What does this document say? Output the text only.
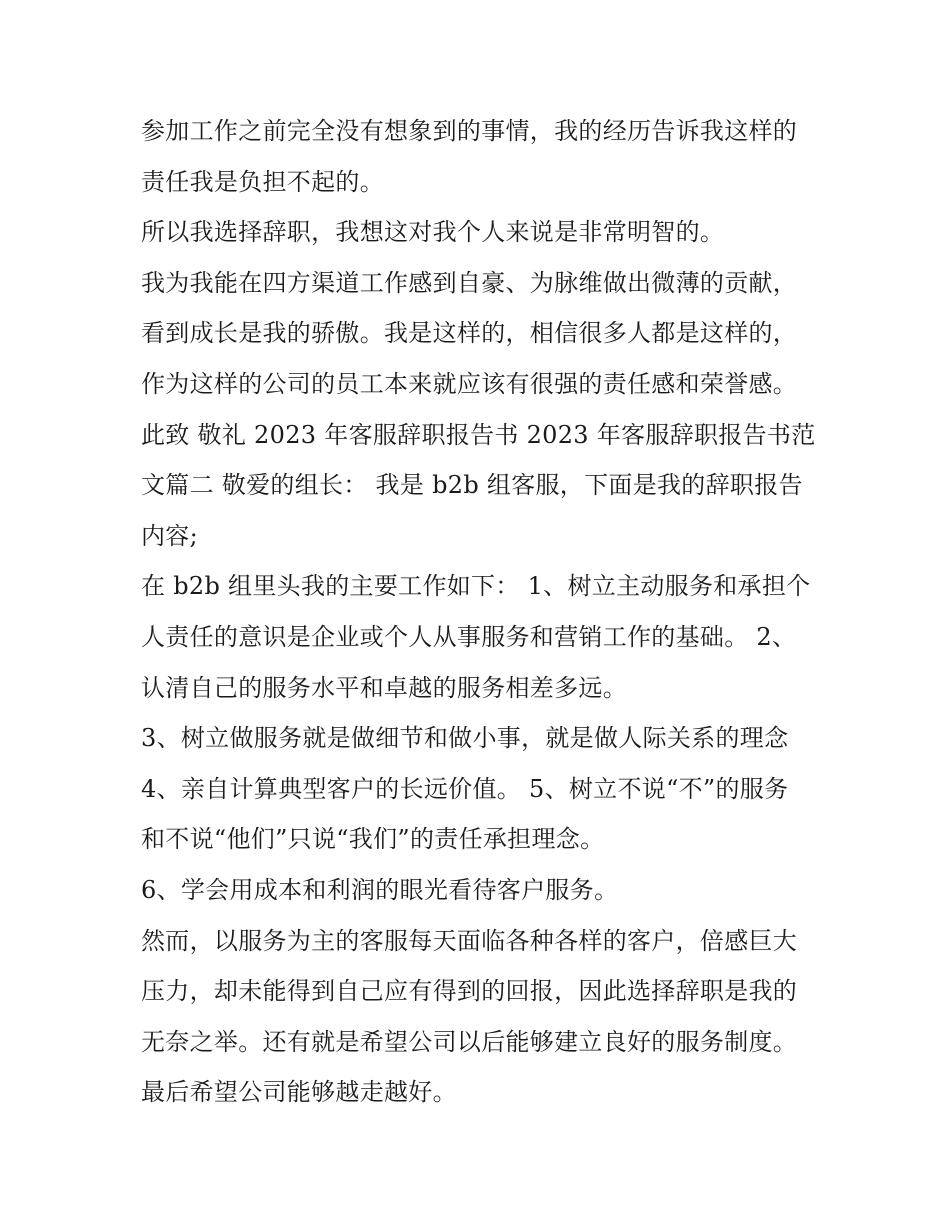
参加工作之前完全没有想象到的事情，我的经历告诉我这样的
责任我是负担不起的。
所以我选择辞职，我想这对我个人来说是非常明智的。
我为我能在四方渠道工作感到自豪、为脉维做出微薄的贡献，
看到成长是我的骄傲。我是这样的，相信很多人都是这样的，
作为这样的公司的员工本来就应该有很强的责任感和荣誉感。
此致 敬礼 2023 年客服辞职报告书 2023 年客服辞职报告书范
文篇二 敬爱的组长： 我是 b2b 组客服，下面是我的辞职报告
内容;
在 b2b 组里头我的主要工作如下： 1、树立主动服务和承担个
人责任的意识是企业或个人从事服务和营销工作的基础。 2、
认清自己的服务水平和卓越的服务相差多远。
3、树立做服务就是做细节和做小事，就是做人际关系的理念
4、亲自计算典型客户的长远价值。 5、树立不说“不”的服务
和不说“他们”只说“我们”的责任承担理念。
6、学会用成本和利润的眼光看待客户服务。
然而，以服务为主的客服每天面临各种各样的客户，倍感巨大
压力，却未能得到自己应有得到的回报，因此选择辞职是我的
无奈之举。还有就是希望公司以后能够建立良好的服务制度。
最后希望公司能够越走越好。
